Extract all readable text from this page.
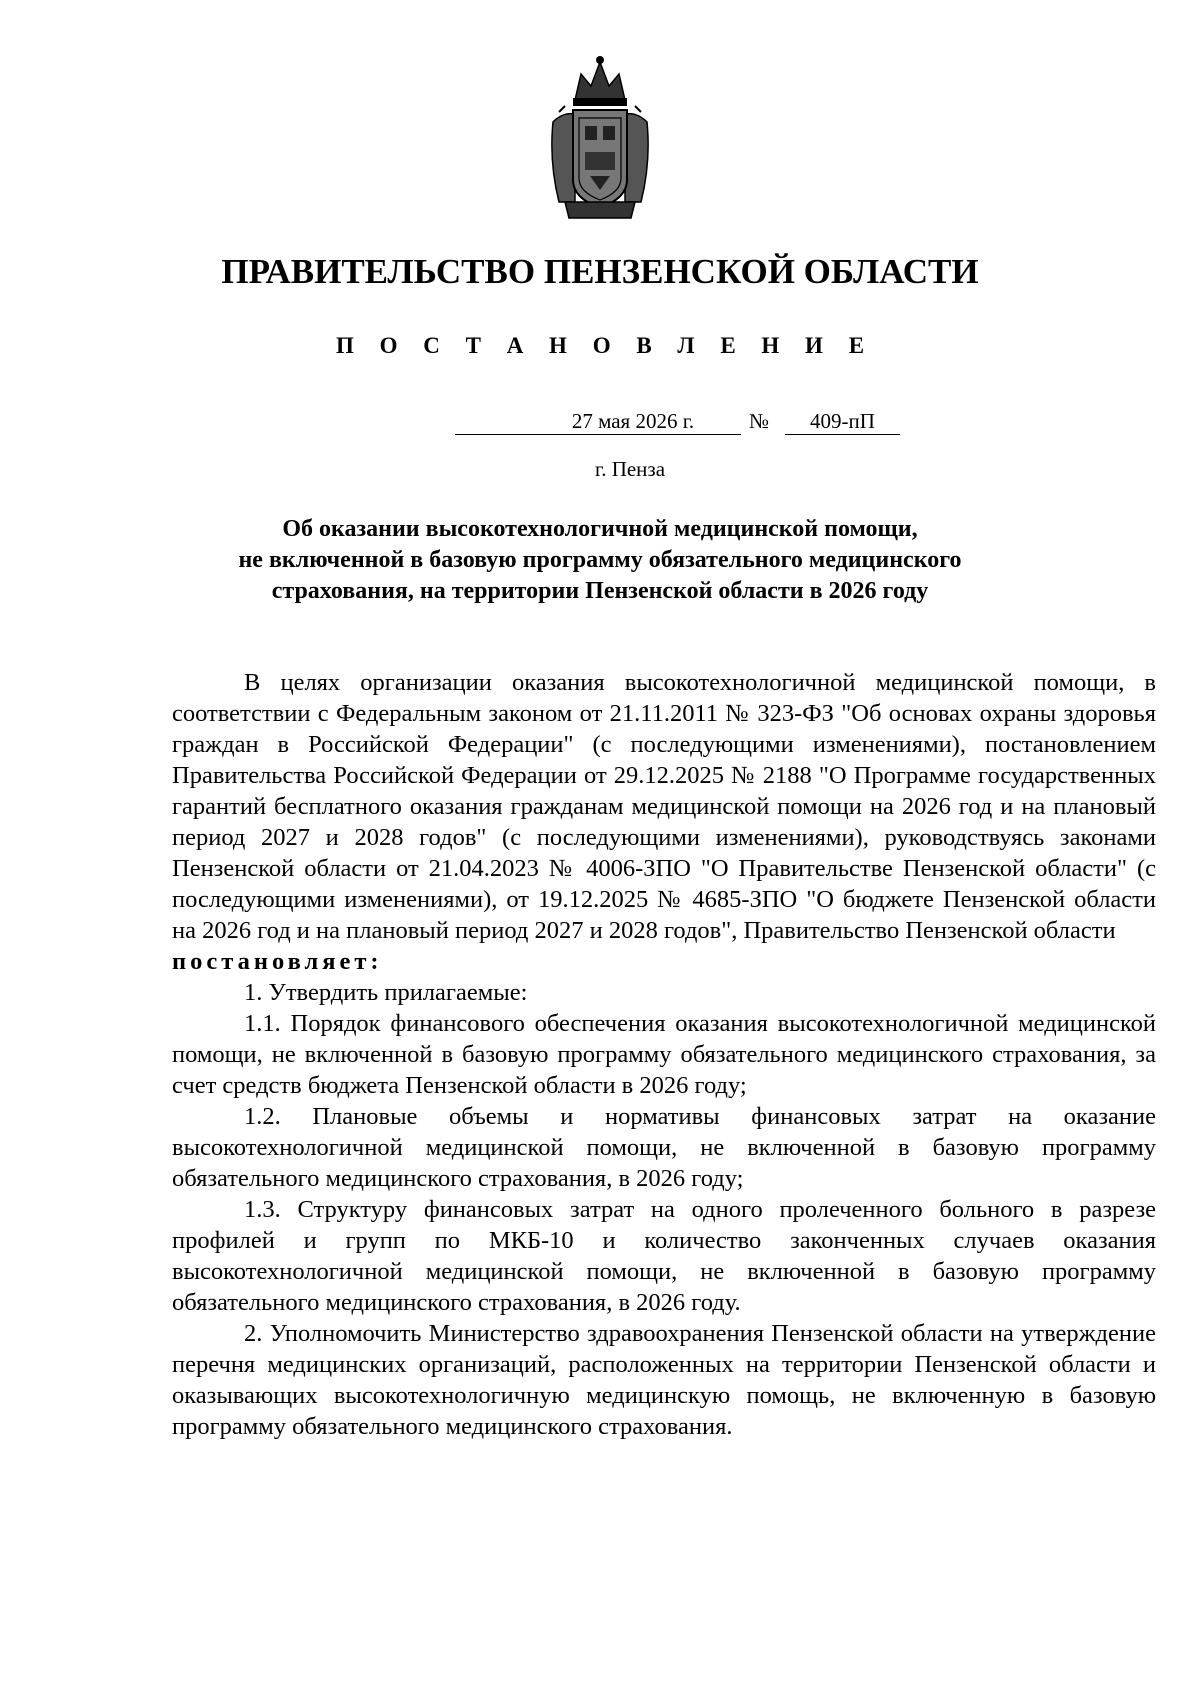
ПРАВИТЕЛЬСТВО ПЕНЗЕНСКОЙ ОБЛАСТИ
П О С Т А Н О В Л Е Н И Е
27 мая 2026 г.	№	409-пП
г. Пенза
Об оказании высокотехнологичной медицинской помощи,
не включенной в базовую программу обязательного медицинского
страхования, на территории Пензенской области в 2026 году

В целях организации оказания высокотехнологичной медицинской помощи, в соответствии с Федеральным законом от 21.11.2011 № 323-ФЗ "Об основах охраны здоровья граждан в Российской Федерации" (с последующими изменениями), постановлением Правительства Российской Федерации от 29.12.2025 № 2188 "О Программе государственных гарантий бесплатного оказания гражданам медицинской помощи на 2026 год и на плановый период 2027 и 2028 годов" (с последующими изменениями), руководствуясь законами Пензенской области от 21.04.2023 № 4006-ЗПО "О Правительстве Пензенской области" (с последующими изменениями), от 19.12.2025 № 4685-ЗПО "О бюджете Пензенской области на 2026 год и на плановый период 2027 и 2028 годов", Правительство Пензенской области

постановляет:

1. Утвердить прилагаемые:

1.1. Порядок финансового обеспечения оказания высокотехнологичной медицинской помощи, не включенной в базовую программу обязательного медицинского страхования, за счет средств бюджета Пензенской области в 2026 году;

1.2. Плановые объемы и нормативы финансовых затрат на оказание высокотехнологичной медицинской помощи, не включенной в базовую программу обязательного медицинского страхования, в 2026 году;

1.3. Структуру финансовых затрат на одного пролеченного больного в разрезе профилей и групп по МКБ-10 и количество законченных случаев оказания высокотехнологичной медицинской помощи, не включенной в базовую программу обязательного медицинского страхования, в 2026 году.

2. Уполномочить Министерство здравоохранения Пензенской области на утверждение перечня медицинских организаций, расположенных на территории Пензенской области и оказывающих высокотехнологичную медицинскую помощь, не включенную в базовую программу обязательного медицинского страхования.
